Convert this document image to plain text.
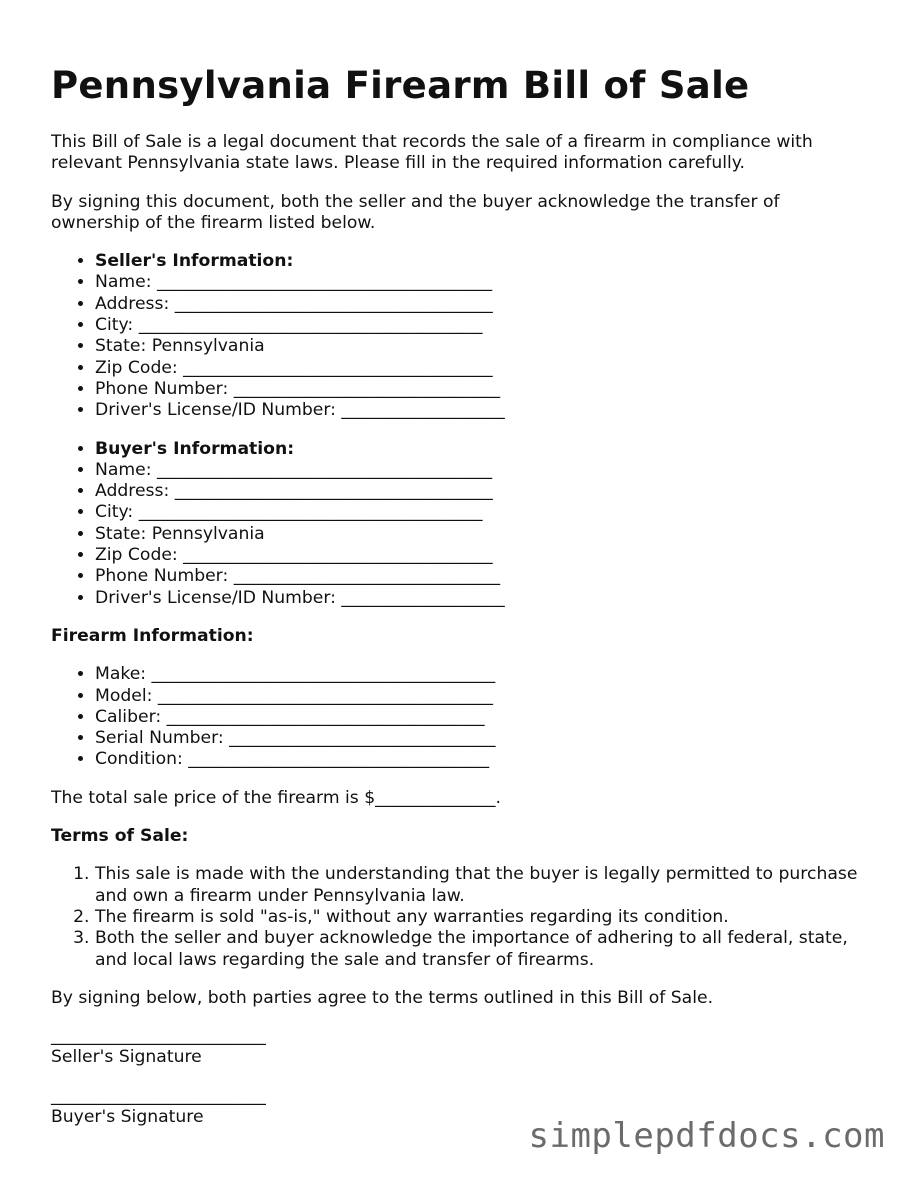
Pennsylvania Firearm Bill of Sale

This Bill of Sale is a legal document that records the sale of a firearm in compliance with relevant Pennsylvania state laws. Please fill in the required information carefully.

By signing this document, both the seller and the buyer acknowledge the transfer of ownership of the firearm listed below.

• Seller's Information:
• Name: _______________________________________
• Address: _____________________________________
• City: ________________________________________
• State: Pennsylvania
• Zip Code: ____________________________________
• Phone Number: _______________________________
• Driver's License/ID Number: ___________________
• Buyer's Information:
• Name: _______________________________________
• Address: _____________________________________
• City: ________________________________________
• State: Pennsylvania
• Zip Code: ____________________________________
• Phone Number: _______________________________
• Driver's License/ID Number: ___________________

Firearm Information:

• Make: ________________________________________
• Model: _______________________________________
• Caliber: _____________________________________
• Serial Number: _______________________________
• Condition: ___________________________________

The total sale price of the firearm is $______________.

Terms of Sale:

1. This sale is made with the understanding that the buyer is legally permitted to purchase and own a firearm under Pennsylvania law.
2. The firearm is sold "as-is," without any warranties regarding its condition.
3. Both the seller and buyer acknowledge the importance of adhering to all federal, state, and local laws regarding the sale and transfer of firearms.

By signing below, both parties agree to the terms outlined in this Bill of Sale.

_________________________
Seller's Signature
_________________________
Buyer's Signature	simplepdfdocs.com
